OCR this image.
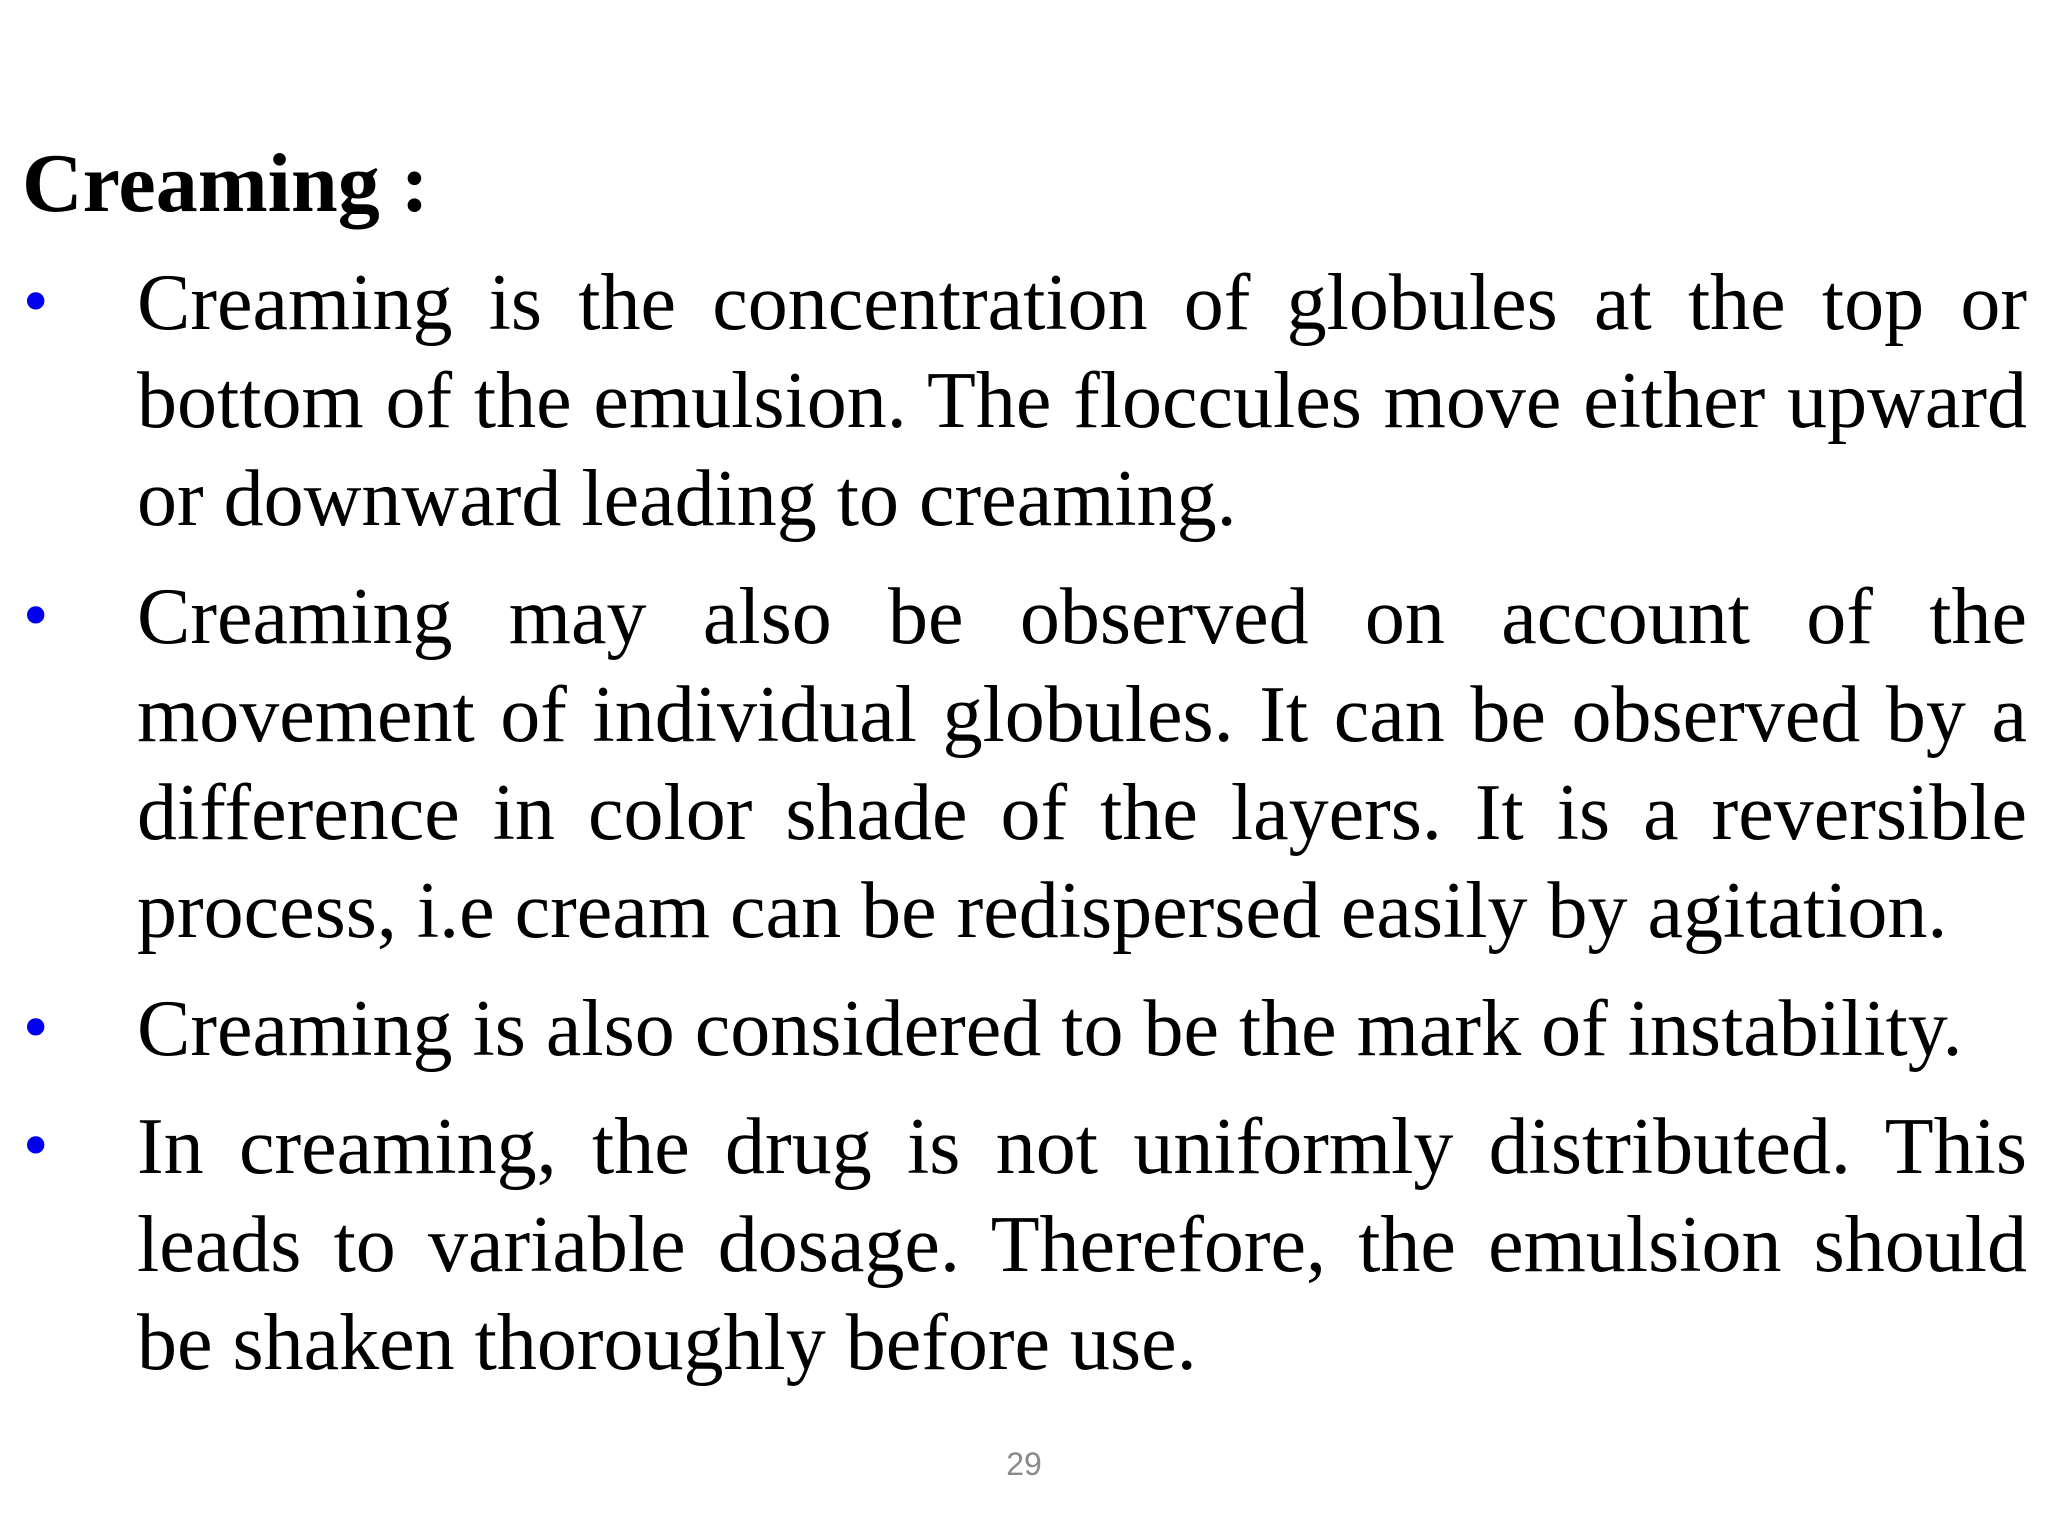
Creaming :
• Creaming is the concentration of globules at the top or bottom of the emulsion. The floccules move either upward or downward leading to creaming.
• Creaming may also be observed on account of the movement of individual globules. It can be observed by a difference in color shade of the layers. It is a reversible process, i.e cream can be redispersed easily by agitation.
• Creaming is also considered to be the mark of instability.
• In creaming, the drug is not uniformly distributed. This leads to variable dosage. Therefore, the emulsion should be shaken thoroughly before use.
29
